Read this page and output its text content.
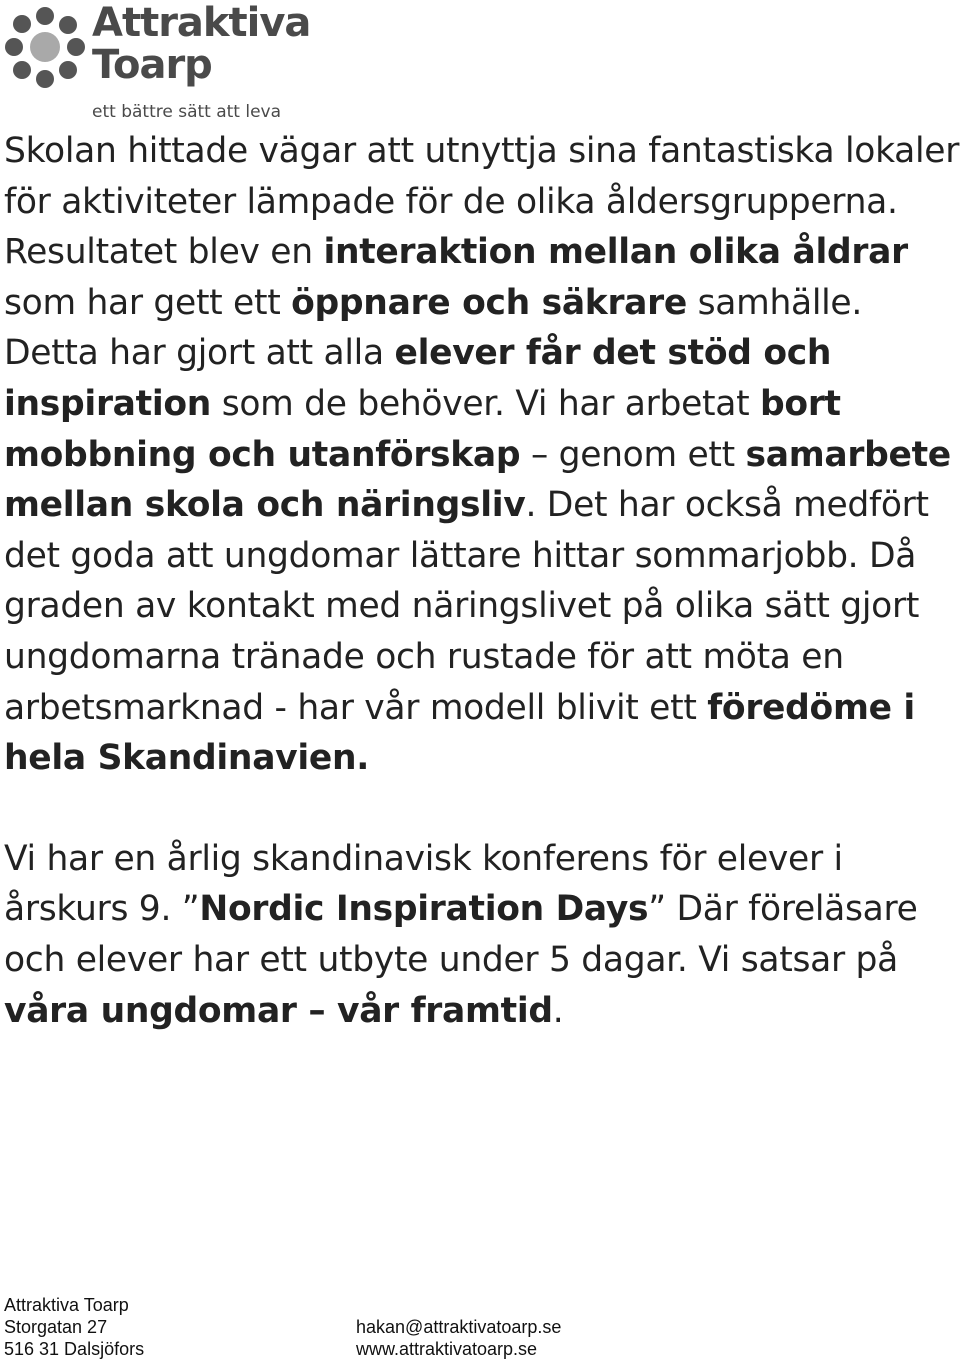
Attraktiva
Toarp

ett bättre sätt att leva

Skolan hittade vägar att utnyttja sina fantastiska lokaler för aktiviteter lämpade för de olika åldersgrupperna. Resultatet blev en interaktion mellan olika åldrar som har gett ett öppnare och säkrare samhälle. Detta har gjort att alla elever får det stöd och inspiration som de behöver. Vi har arbetat bort mobbning och utanförskap – genom ett samarbete mellan skola och näringsliv. Det har också medfört det goda att ungdomar lättare hittar sommarjobb. Då graden av kontakt med näringslivet på olika sätt gjort ungdomarna tränade och rustade för att möta en arbetsmarknad - har vår modell blivit ett föredöme i hela Skandinavien.

Vi har en årlig skandinavisk konferens för elever i årskurs 9. ”Nordic Inspiration Days” Där föreläsare och elever har ett utbyte under 5 dagar. Vi satsar på våra ungdomar – vår framtid.

Attraktiva Toarp
Storgatan 27
516 31 Dalsjöfors
hakan@attraktivatoarp.se
www.attraktivatoarp.se
